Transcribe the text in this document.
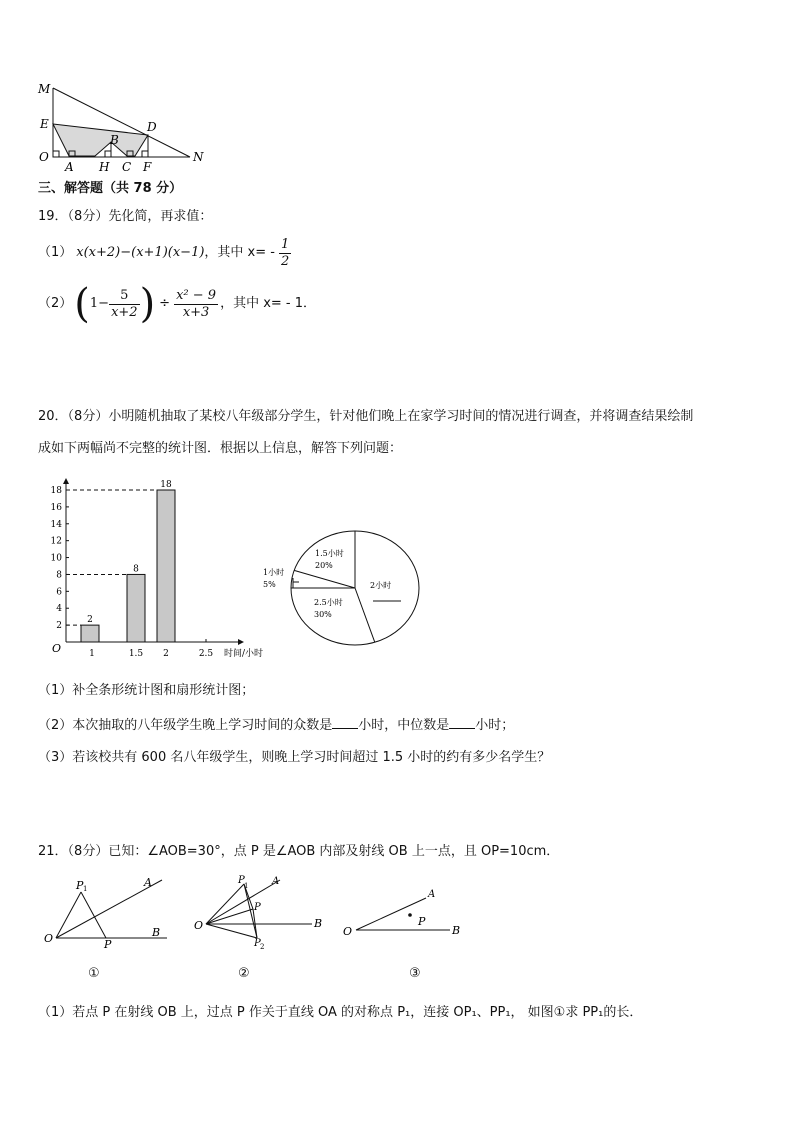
M
E
O
A H
B
C
D
F
N
三、解答题（共 78 分）
19．（8分）先化简，再求值：
（1） x(x+2)−(x+1)(x−1) ，其中 $x= - \frac{1}{2}$
（2） ( $1- \frac{5}{x+2}$ ) ÷ $\frac{\text{x² − 9}}{x+3}$ ，其中 x= - 1．
20．（8分）小明随机抽取了某校八年级部分学生，针对他们晚上在家学习时间的情况进行调查，并将调查结果绘制
成如下两幅尚不完整的统计图．根据以上信息，解答下列问题：
2
4
6
8
10
12
14
16
18
O	1
2
1.5
8
2
18
2.5 时间/小时
1.5小时
20%
2.5小时
30%
2小时
1小时
5%
（1）补全条形统计图和扇形统计图；
（2）本次抽取的八年级学生晚上学习时间的众数是 小时，中位数是 小时；
（3）若该校共有 600 名八年级学生，则晚上学习时间超过 1.5 小时的约有多少名学生？
21．（8分）已知：∠AOB=30°，点 P 是∠AOB 内部及射线 OB 上一点，且 OP=10cm．
O
P 1	A
B
P
O
P 1
P
P 2
A
B
O
A
P
B
①	②	③
（1）若点 P 在射线 OB 上，过点 P 作关于直线 OA 的对称点 P₁，连接 OP₁、PP₁， 如图①求 PP₁的长．
